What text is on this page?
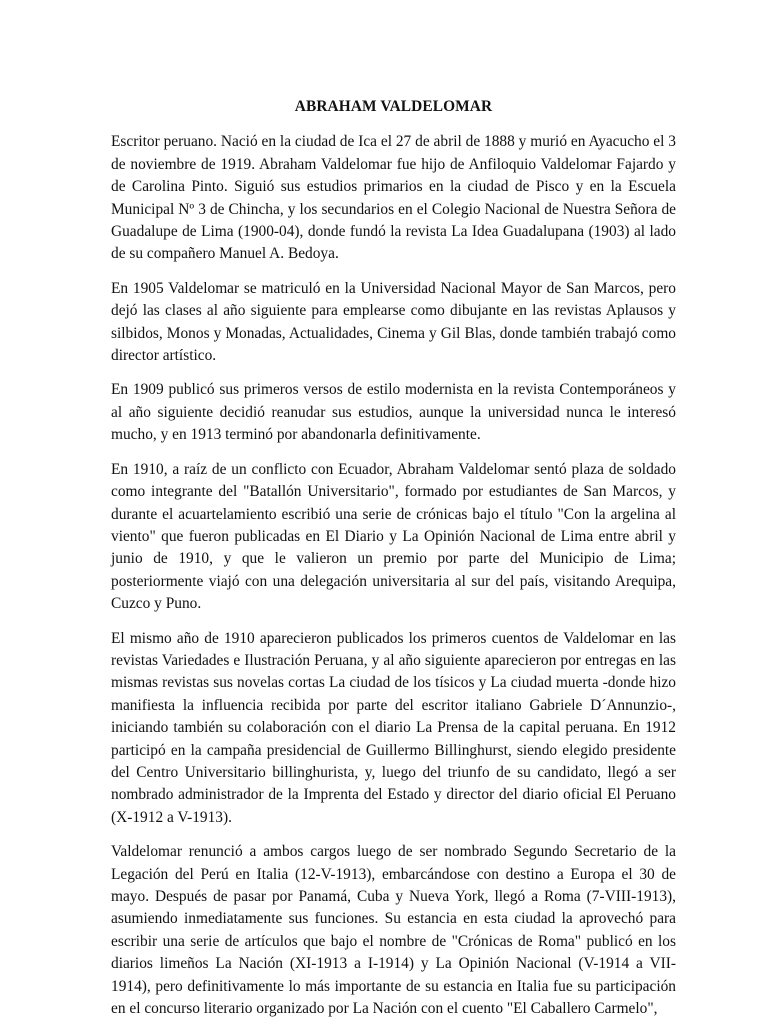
ABRAHAM VALDELOMAR

Escritor peruano. Nació en la ciudad de Ica el 27 de abril de 1888 y murió en Ayacucho el 3 de noviembre de 1919. Abraham Valdelomar fue hijo de Anfiloquio Valdelomar Fajardo y de Carolina Pinto. Siguió sus estudios primarios en la ciudad de Pisco y en la Escuela Municipal Nº 3 de Chincha, y los secundarios en el Colegio Nacional de Nuestra Señora de Guadalupe de Lima (1900-04), donde fundó la revista La Idea Guadalupana (1903) al lado de su compañero Manuel A. Bedoya.

En 1905 Valdelomar se matriculó en la Universidad Nacional Mayor de San Marcos, pero dejó las clases al año siguiente para emplearse como dibujante en las revistas Aplausos y silbidos, Monos y Monadas, Actualidades, Cinema y Gil Blas, donde también trabajó como director artístico.

En 1909 publicó sus primeros versos de estilo modernista en la revista Contemporáneos y al año siguiente decidió reanudar sus estudios, aunque la universidad nunca le interesó mucho, y en 1913 terminó por abandonarla definitivamente.

En 1910, a raíz de un conflicto con Ecuador, Abraham Valdelomar sentó plaza de soldado como integrante del "Batallón Universitario", formado por estudiantes de San Marcos, y durante el acuartelamiento escribió una serie de crónicas bajo el título "Con la argelina al viento" que fueron publicadas en El Diario y La Opinión Nacional de Lima entre abril y junio de 1910, y que le valieron un premio por parte del Municipio de Lima; posteriormente viajó con una delegación universitaria al sur del país, visitando Arequipa, Cuzco y Puno.

El mismo año de 1910 aparecieron publicados los primeros cuentos de Valdelomar en las revistas Variedades e Ilustración Peruana, y al año siguiente aparecieron por entregas en las mismas revistas sus novelas cortas La ciudad de los tísicos y La ciudad muerta -donde hizo manifiesta la influencia recibida por parte del escritor italiano Gabriele D´Annunzio-, iniciando también su colaboración con el diario La Prensa de la capital peruana. En 1912 participó en la campaña presidencial de Guillermo Billinghurst, siendo elegido presidente del Centro Universitario billinghurista, y, luego del triunfo de su candidato, llegó a ser nombrado administrador de la Imprenta del Estado y director del diario oficial El Peruano (X-1912 a V-1913).

Valdelomar renunció a ambos cargos luego de ser nombrado Segundo Secretario de la Legación del Perú en Italia (12-V-1913), embarcándose con destino a Europa el 30 de mayo. Después de pasar por Panamá, Cuba y Nueva York, llegó a Roma (7-VIII-1913), asumiendo inmediatamente sus funciones. Su estancia en esta ciudad la aprovechó para escribir una serie de artículos que bajo el nombre de "Crónicas de Roma" publicó en los diarios limeños La Nación (XI-1913 a I-1914) y La Opinión Nacional (V-1914 a VII-1914), pero definitivamente lo más importante de su estancia en Italia fue su participación en el concurso literario organizado por La Nación con el cuento "El Caballero Carmelo",
